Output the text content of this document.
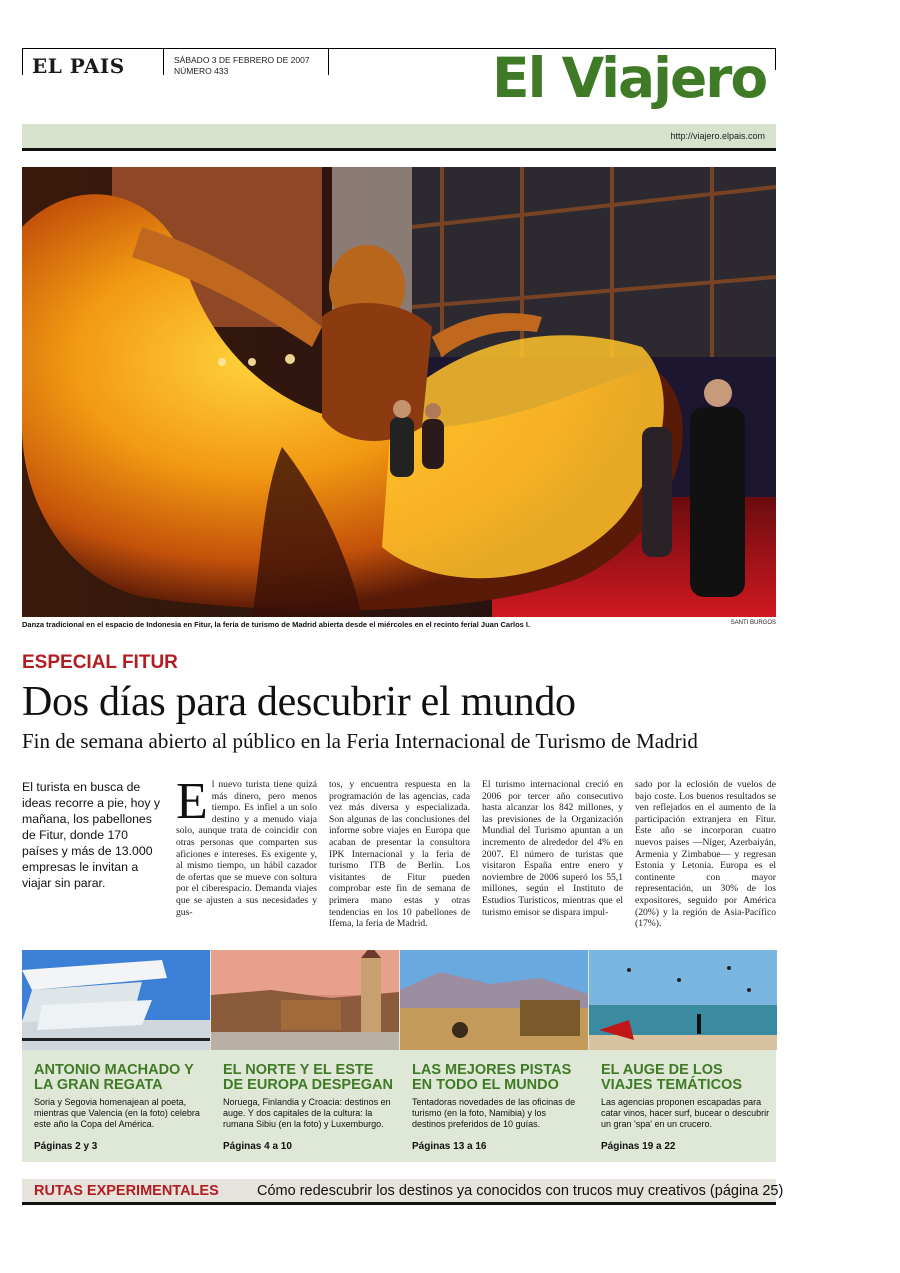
EL PAIS	SÁBADO 3 DE FEBRERO DE 2007
NÚMERO 433	El Viajero
http://viajero.elpais.com
Danza tradicional en el espacio de Indonesia en Fitur, la feria de turismo de Madrid abierta desde el miércoles en el recinto ferial Juan Carlos I.	SANTI BURGOS
ESPECIAL FITUR
Dos días para descubrir el mundo
Fin de semana abierto al público en la Feria Internacional de Turismo de Madrid
El turista en busca de ideas recorre a pie, hoy y mañana, los pabellones de Fitur, donde 170 países y más de 13.000 empresas le invitan a viajar sin parar.
El nuevo turista tiene quizá más dinero, pero menos tiempo. Es infiel a un solo destino y a menudo viaja solo, aunque trata de coincidir con otras personas que comparten sus aficiones e intereses. Es exigente y, al mismo tiempo, un hábil cazador de ofertas que se mueve con soltura por el ciberespacio. Demanda viajes que se ajusten a sus necesidades y gus-
tos, y encuentra respuesta en la programación de las agencias, cada vez más diversa y especializada. Son algunas de las conclusiones del informe sobre viajes en Europa que acaban de presentar la consultora IPK Internacional y la feria de turismo ITB de Berlín. Los visitantes de Fitur pueden comprobar este fin de semana de primera mano estas y otras tendencias en los 10 pabellones de Ifema, la feria de Madrid.
El turismo internacional creció en 2006 por tercer año consecutivo hasta alcanzar los 842 millones, y las previsiones de la Organización Mundial del Turismo apuntan a un incremento de alrededor del 4% en 2007. El número de turistas que visitaron España entre enero y noviembre de 2006 superó los 55,1 millones, según el Instituto de Estudios Turísticos, mientras que el turismo emisor se dispara impul-
sado por la eclosión de vuelos de bajo coste. Los buenos resultados se ven reflejados en el aumento de la participación extranjera en Fitur. Este año se incorporan cuatro nuevos países —Níger, Azerbaiyán, Armenia y Zimbabue— y regresan Estonia y Letonia. Europa es el continente con mayor representación, un 30% de los expositores, seguido por América (20%) y la región de Asia-Pacífico (17%).
ANTONIO MACHADO Y LA GRAN REGATA
EL NORTE Y EL ESTE DE EUROPA DESPEGAN
LAS MEJORES PISTAS EN TODO EL MUNDO
EL AUGE DE LOS VIAJES TEMÁTICOS
Soria y Segovia homenajean al poeta, mientras que Valencia (en la foto) celebra este año la Copa del América.
Noruega, Finlandia y Croacia: destinos en auge. Y dos capitales de la cultura: la rumana Sibiu (en la foto) y Luxemburgo.
Tentadoras novedades de las oficinas de turismo (en la foto, Namibia) y los destinos preferidos de 10 guías.
Las agencias proponen escapadas para catar vinos, hacer surf, bucear o descubrir un gran 'spa' en un crucero.
Páginas 2 y 3	Páginas 4 a 10	Páginas 13 a 16	Páginas 19 a 22
RUTAS EXPERIMENTALES	Cómo redescubrir los destinos ya conocidos con trucos muy creativos (página 25)
